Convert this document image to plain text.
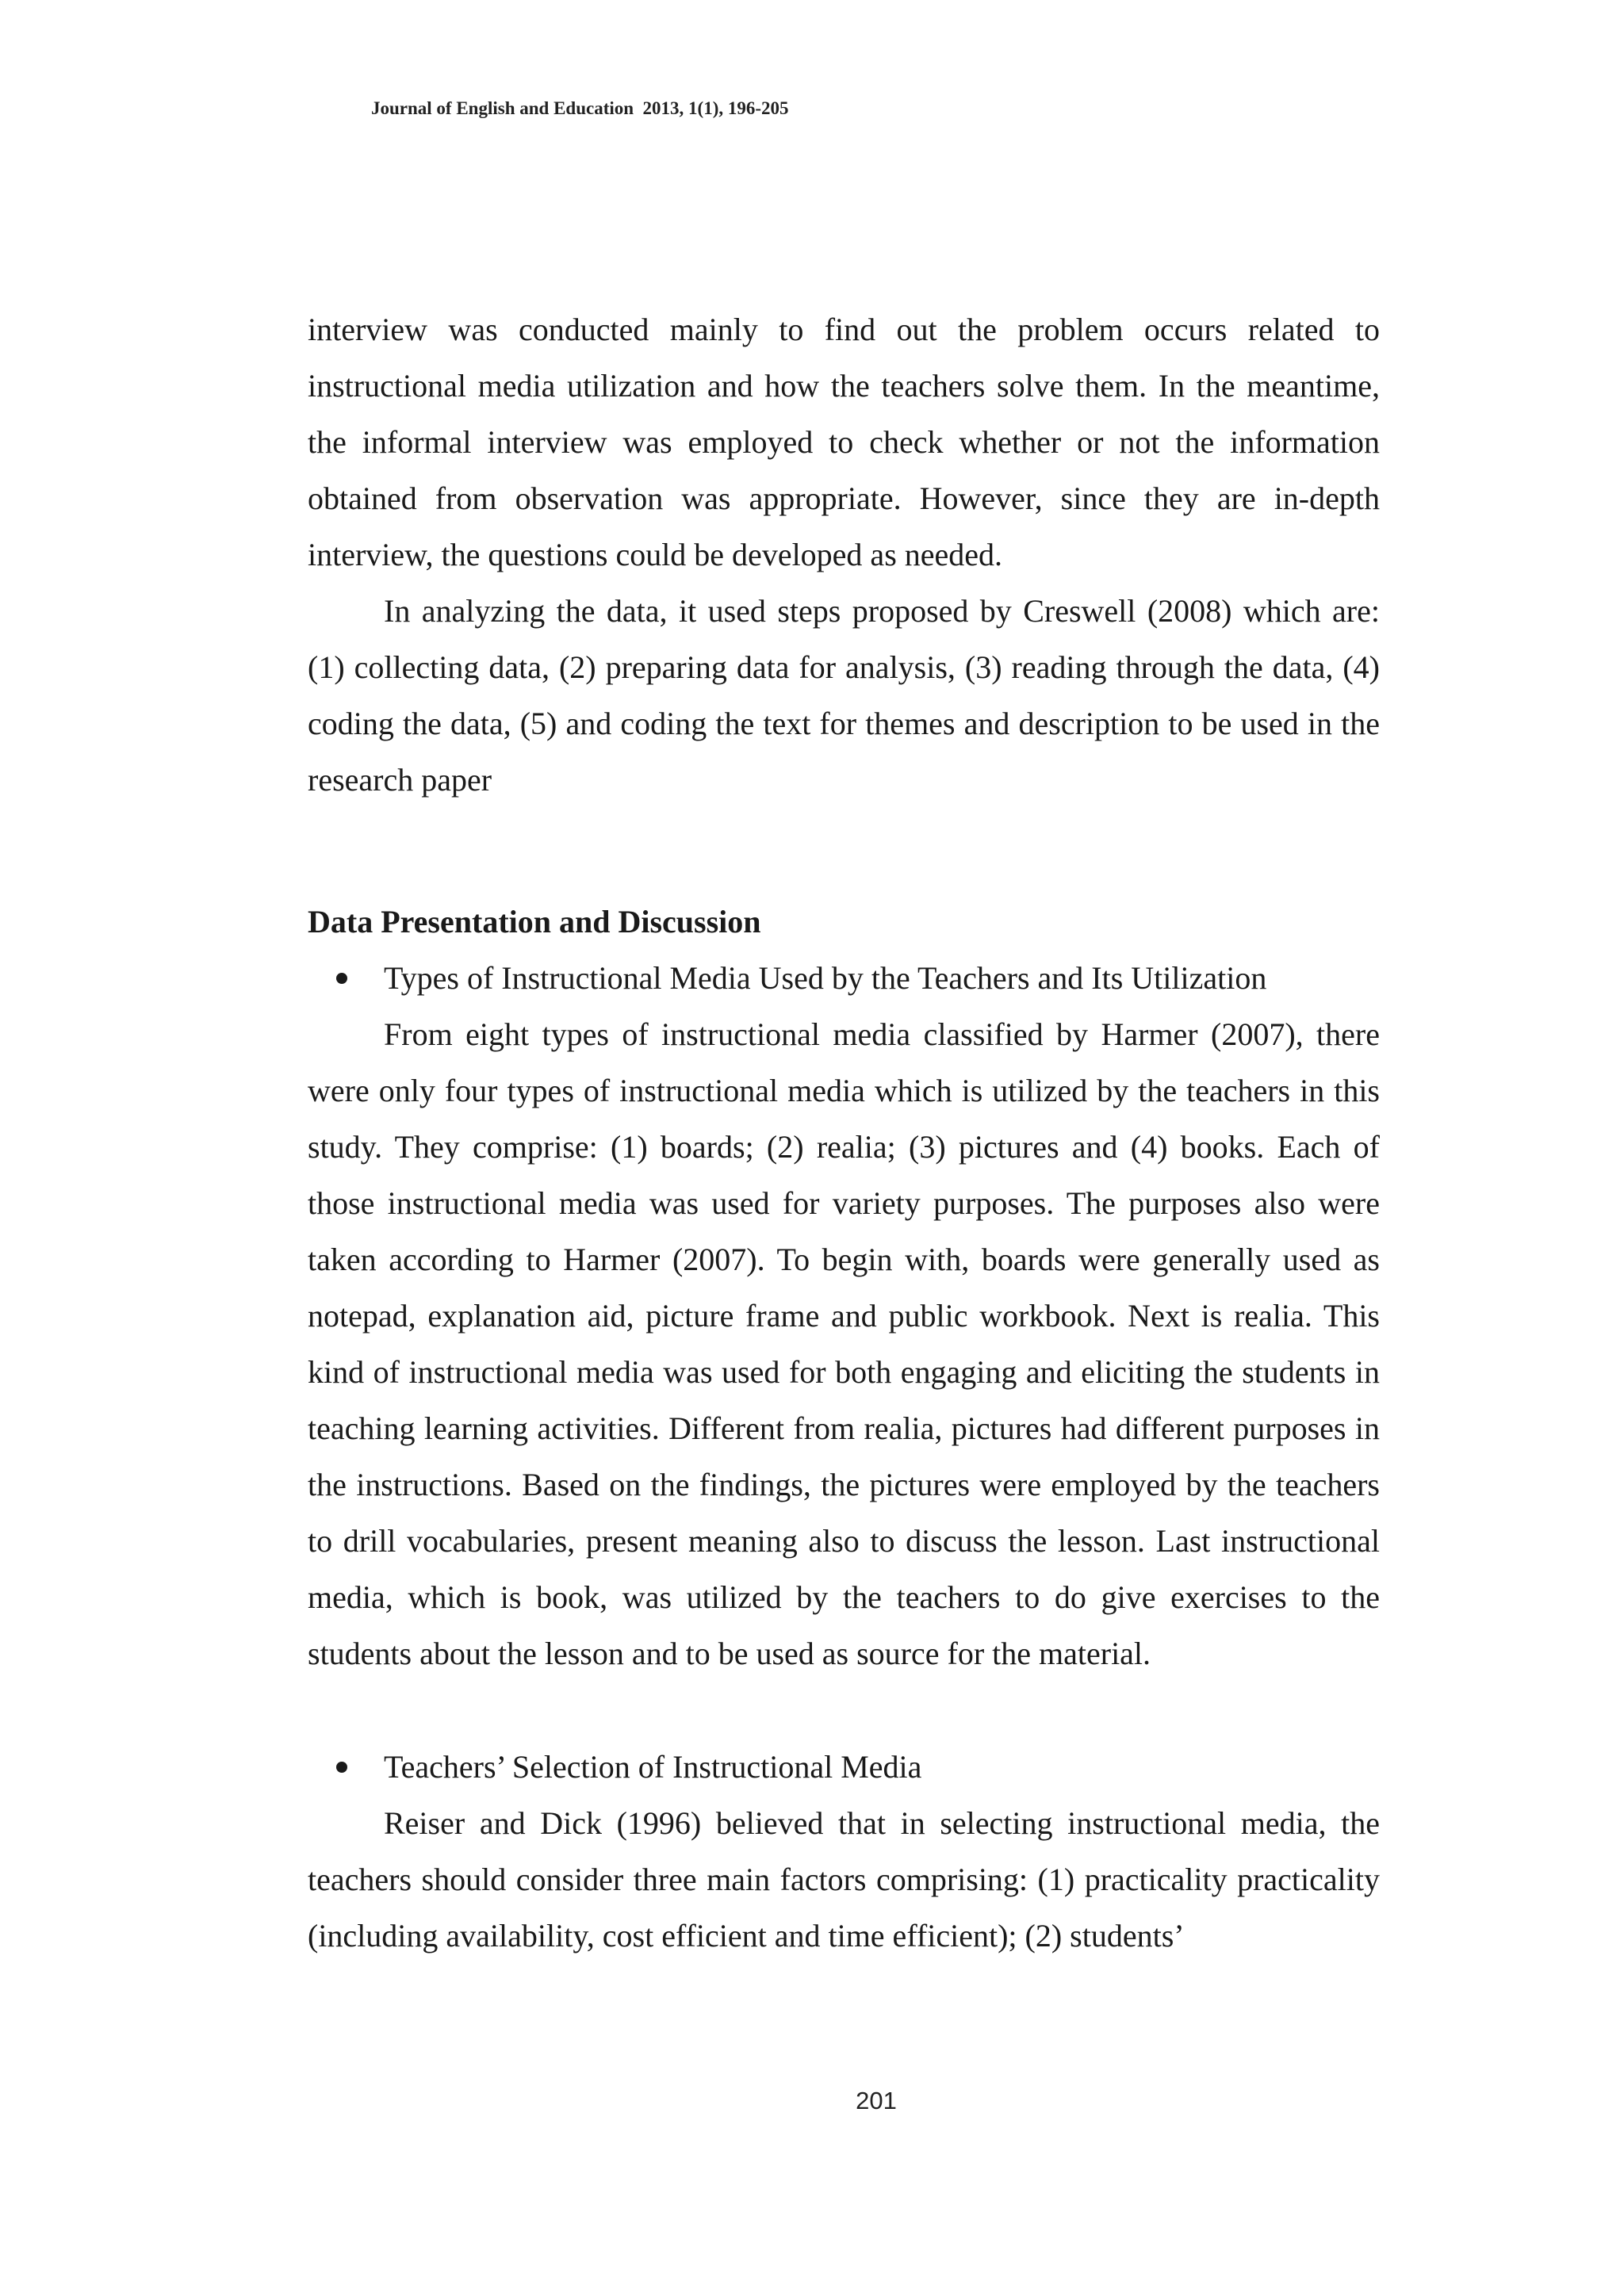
Journal of English and Education  2013, 1(1), 196-205

interview was conducted mainly to find out the problem occurs related to instructional media utilization and how the teachers solve them. In the meantime, the informal interview was employed to check whether or not the information obtained from observation was appropriate. However, since they are in-depth interview, the questions could be developed as needed.

In analyzing the data, it used steps proposed by Creswell (2008) which are: (1) collecting data, (2) preparing data for analysis, (3) reading through the data, (4) coding the data, (5) and coding the text for themes and description to be used in the research paper

Data Presentation and Discussion

Types of Instructional Media Used by the Teachers and Its Utilization

From eight types of instructional media classified by Harmer (2007), there were only four types of instructional media which is utilized by the teachers in this study. They comprise: (1) boards; (2) realia; (3) pictures and (4) books. Each of those instructional media was used for variety purposes. The purposes also were taken according to Harmer (2007). To begin with, boards were generally used as notepad, explanation aid, picture frame and public workbook. Next is realia. This kind of instructional media was used for both engaging and eliciting the students in teaching learning activities. Different from realia, pictures had different purposes in the instructions. Based on the findings, the pictures were employed by the teachers to drill vocabularies, present meaning also to discuss the lesson. Last instructional media, which is book, was utilized by the teachers to do give exercises to the students about the lesson and to be used as source for the material.

Teachers’ Selection of Instructional Media

Reiser and Dick (1996) believed that in selecting instructional media, the teachers should consider three main factors comprising: (1) practicality practicality (including availability, cost efficient and time efficient); (2) students’

201
